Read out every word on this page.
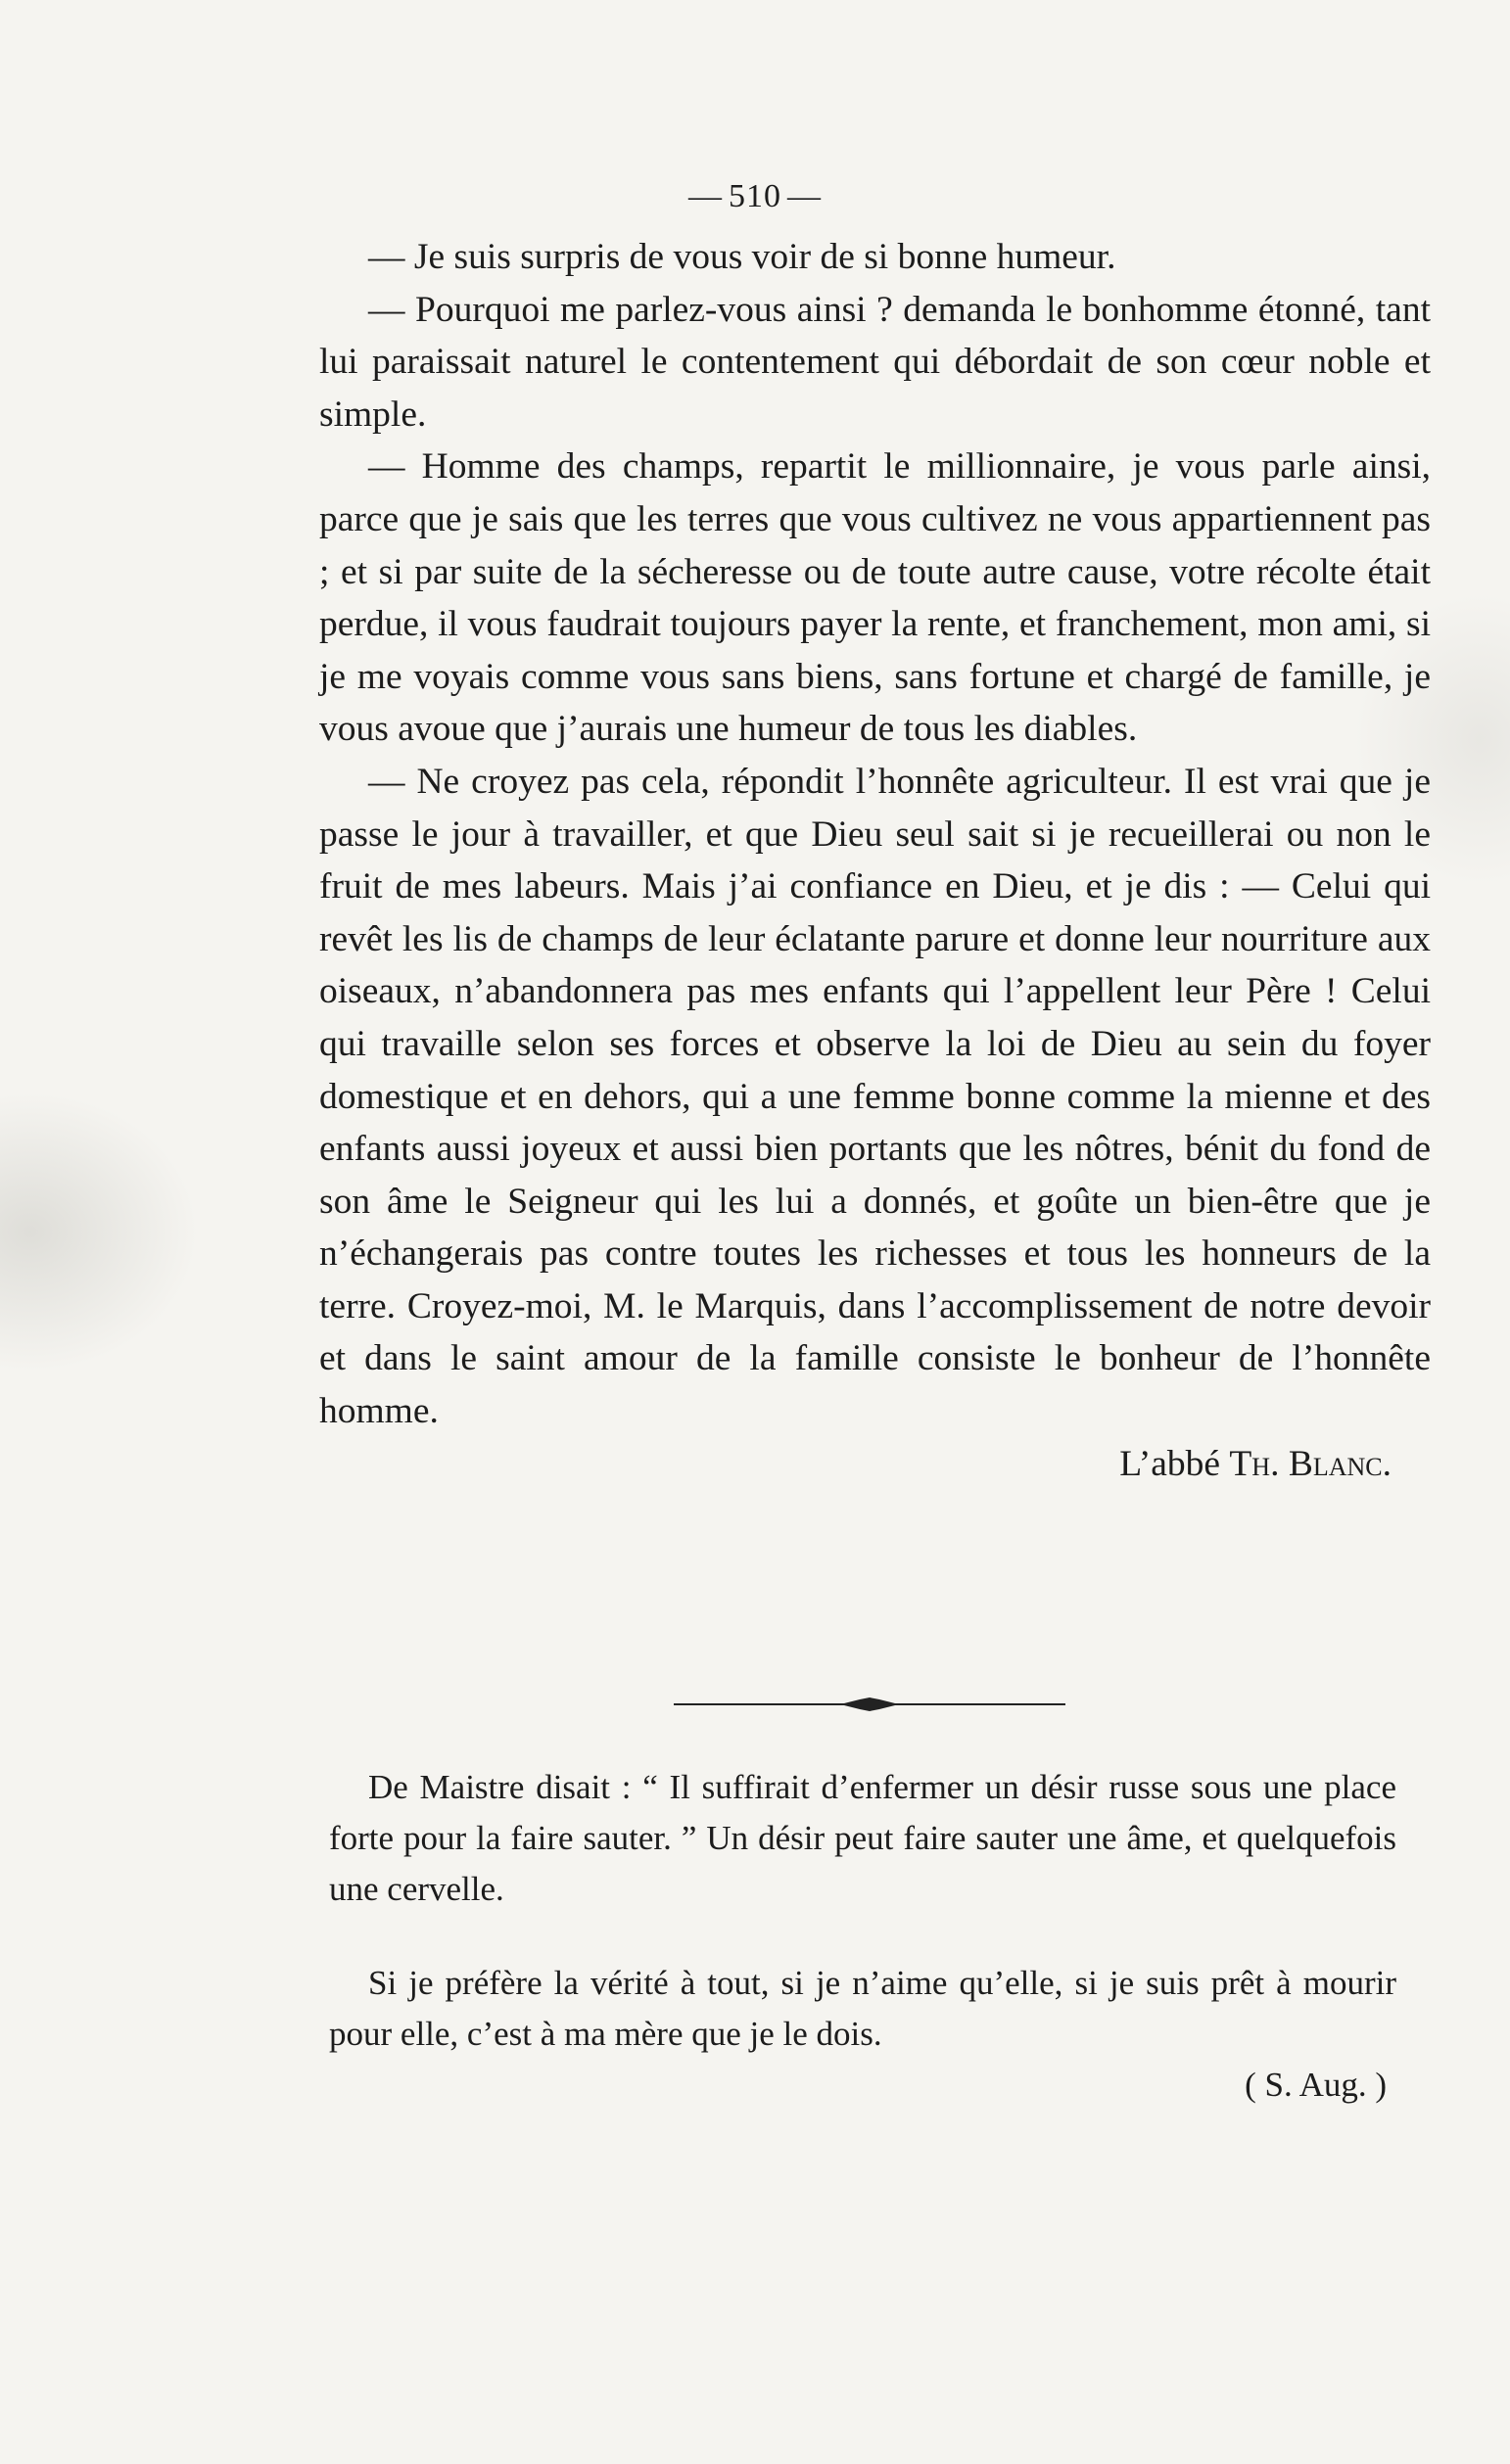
— 510 —

— Je suis surpris de vous voir de si bonne humeur.

— Pourquoi me parlez-vous ainsi ? demanda le bonhomme étonné, tant lui paraissait naturel le contentement qui débordait de son cœur noble et simple.

— Homme des champs, repartit le millionnaire, je vous parle ainsi, parce que je sais que les terres que vous cultivez ne vous appartiennent pas ; et si par suite de la sécheresse ou de toute autre cause, votre récolte était perdue, il vous faudrait toujours payer la rente, et franchement, mon ami, si je me voyais comme vous sans biens, sans fortune et chargé de famille, je vous avoue que j’aurais une humeur de tous les diables.

— Ne croyez pas cela, répondit l’honnête agriculteur. Il est vrai que je passe le jour à travailler, et que Dieu seul sait si je recueillerai ou non le fruit de mes labeurs. Mais j’ai confiance en Dieu, et je dis : — Celui qui revêt les lis de champs de leur éclatante parure et donne leur nourriture aux oiseaux, n’abandonnera pas mes enfants qui l’appellent leur Père ! Celui qui travaille selon ses forces et observe la loi de Dieu au sein du foyer domestique et en dehors, qui a une femme bonne comme la mienne et des enfants aussi joyeux et aussi bien portants que les nôtres, bénit du fond de son âme le Seigneur qui les lui a donnés, et goûte un bien-être que je n’échangerais pas contre toutes les richesses et tous les honneurs de la terre. Croyez-moi, M. le Marquis, dans l’accomplissement de notre devoir et dans le saint amour de la famille consiste le bonheur de l’honnête homme.

L’abbé Th. Blanc.

De Maistre disait : “ Il suffirait d’enfermer un désir russe sous une place forte pour la faire sauter. ” Un désir peut faire sauter une âme, et quelquefois une cervelle.

Si je préfère la vérité à tout, si je n’aime qu’elle, si je suis prêt à mourir pour elle, c’est à ma mère que je le dois.

( S. Aug. )
